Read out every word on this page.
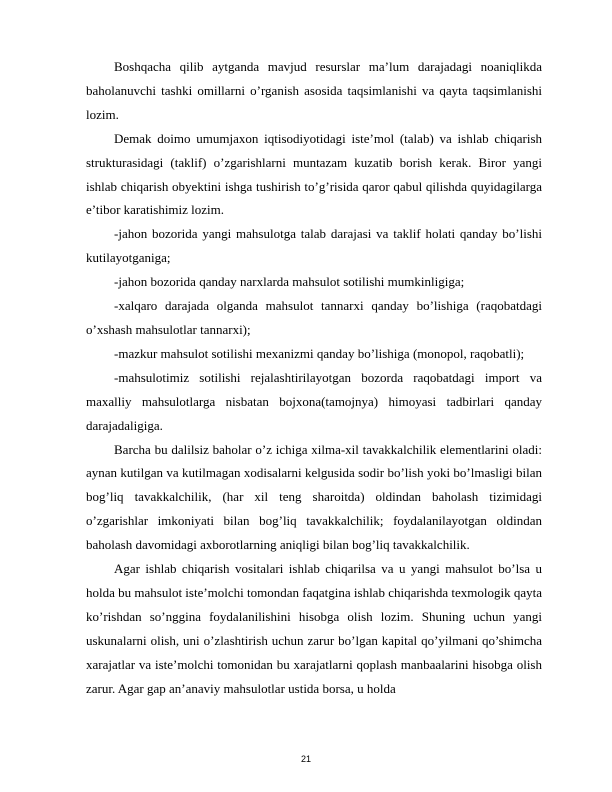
Boshqacha qilib aytganda mavjud resurslar ma’lum darajadagi noaniqlikda baholanuvchi tashki omillarni o’rganish asosida taqsimlanishi va qayta taqsimlanishi lozim.

Demak doimo umumjaxon iqtisodiyotidagi iste’mol (talab) va ishlab chiqarish strukturasidagi (taklif) o’zgarishlarni muntazam kuzatib borish kerak. Biror yangi ishlab chiqarish obyektini ishga tushirish to’g’risida qaror qabul qilishda quyidagilarga e’tibor karatishimiz lozim.

-jahon bozorida yangi mahsulotga talab darajasi va taklif holati qanday bo’lishi kutilayotganiga;

-jahon bozorida qanday narxlarda mahsulot sotilishi mumkinligiga;

-xalqaro darajada olganda mahsulot tannarxi qanday bo’lishiga (raqobatdagi o’xshash mahsulotlar tannarxi);

-mazkur mahsulot sotilishi mexanizmi qanday bo’lishiga (monopol, raqobatli);

-mahsulotimiz sotilishi rejalashtirilayotgan bozorda raqobatdagi import va maxalliy mahsulotlarga nisbatan bojxona(tamojnya) himoyasi tadbirlari qanday darajadaligiga.

Barcha bu dalilsiz baholar o’z ichiga xilma-xil tavakkalchilik elementlarini oladi: aynan kutilgan va kutilmagan xodisalarni kelgusida sodir bo’lish yoki bo’lmasligi bilan bog’liq tavakkalchilik, (har xil teng sharoitda) oldindan baholash tizimidagi o’zgarishlar imkoniyati bilan bog’liq tavakkalchilik; foydalanilayotgan oldindan baholash davomidagi axborotlarning aniqligi bilan bog’liq tavakkalchilik.

Agar ishlab chiqarish vositalari ishlab chiqarilsa va u yangi mahsulot bo’lsa u holda bu mahsulot iste’molchi tomondan faqatgina ishlab chiqarishda texmologik qayta ko’rishdan so’nggina foydalanilishini hisobga olish lozim. Shuning uchun yangi uskunalarni olish, uni o’zlashtirish uchun zarur bo’lgan kapital qo’yilmani qo’shimcha xarajatlar va iste’molchi tomonidan bu xarajatlarni qoplash manbaalarini hisobga olish zarur. Agar gap an’anaviy mahsulotlar ustida borsa, u holda

21
